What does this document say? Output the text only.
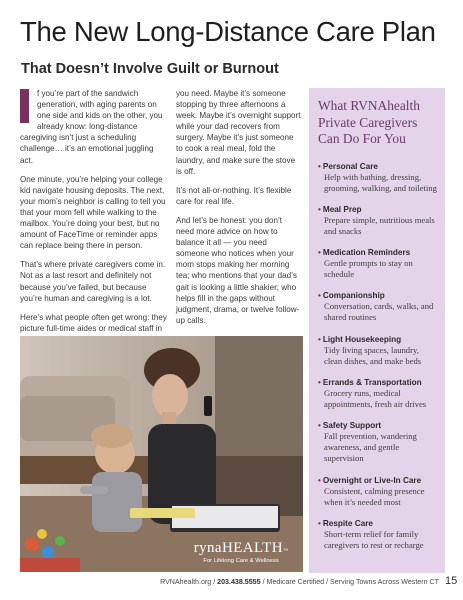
The New Long-Distance Care Plan
That Doesn’t Involve Guilt or Burnout

f you’re part of the sandwich generation, with aging parents on one side and kids on the other, you already know: long-distance caregiving isn’t just a scheduling challenge… it’s an emotional juggling act.

One minute, you’re helping your college kid navigate housing deposits. The next, your mom’s neighbor is calling to tell you that your mom fell while walking to the mailbox. You’re doing your best, but no amount of FaceTime or reminder apps can replace being there in person.

That’s where private caregivers come in. Not as a last resort and definitely not because you’ve failed, but because you’re human and caregiving is a lot.

Here’s what people often get wrong: they picture full-time aides or medical staff in

you need. Maybe it’s someone stopping by three afternoons a week. Maybe it’s overnight support while your dad recovers from surgery. Maybe it’s just someone to cook a real meal, fold the laundry, and make sure the stove is off.

It’s not all-or-nothing. It’s flexible care for real life.

And let’s be honest: you don’t need more advice on how to balance it all — you need someone who notices when your mom stops making her morning tea; who mentions that your dad’s gait is looking a little shakier; who helps fill in the gaps without judgment, drama, or twelve follow-up calls.

rynaHEALTH™
For Lifelong Care & Wellness
What RVNAhealth Private Caregivers Can Do For You
• Personal Care
Help with bathing, dressing, grooming, walking, and toileting
• Meal Prep
Prepare simple, nutritious meals and snacks
• Medication Reminders
Gentle prompts to stay on schedule
• Companionship
Conversation, cards, walks, and shared routines
• Light Housekeeping
Tidy living spaces, laundry, clean dishes, and make beds
• Errands & Transportation
Grocery runs, medical appointments, fresh air drives
• Safety Support
Fall prevention, wandering awareness, and gentle supervision
• Overnight or Live-In Care
Consistent, calming presence when it’s needed most
• Respite Care
Short-term relief for family caregivers to rest or recharge
RVNAhealth.org / 203.438.5555 / Medicare Certified / Serving Towns Across Western CT 15
